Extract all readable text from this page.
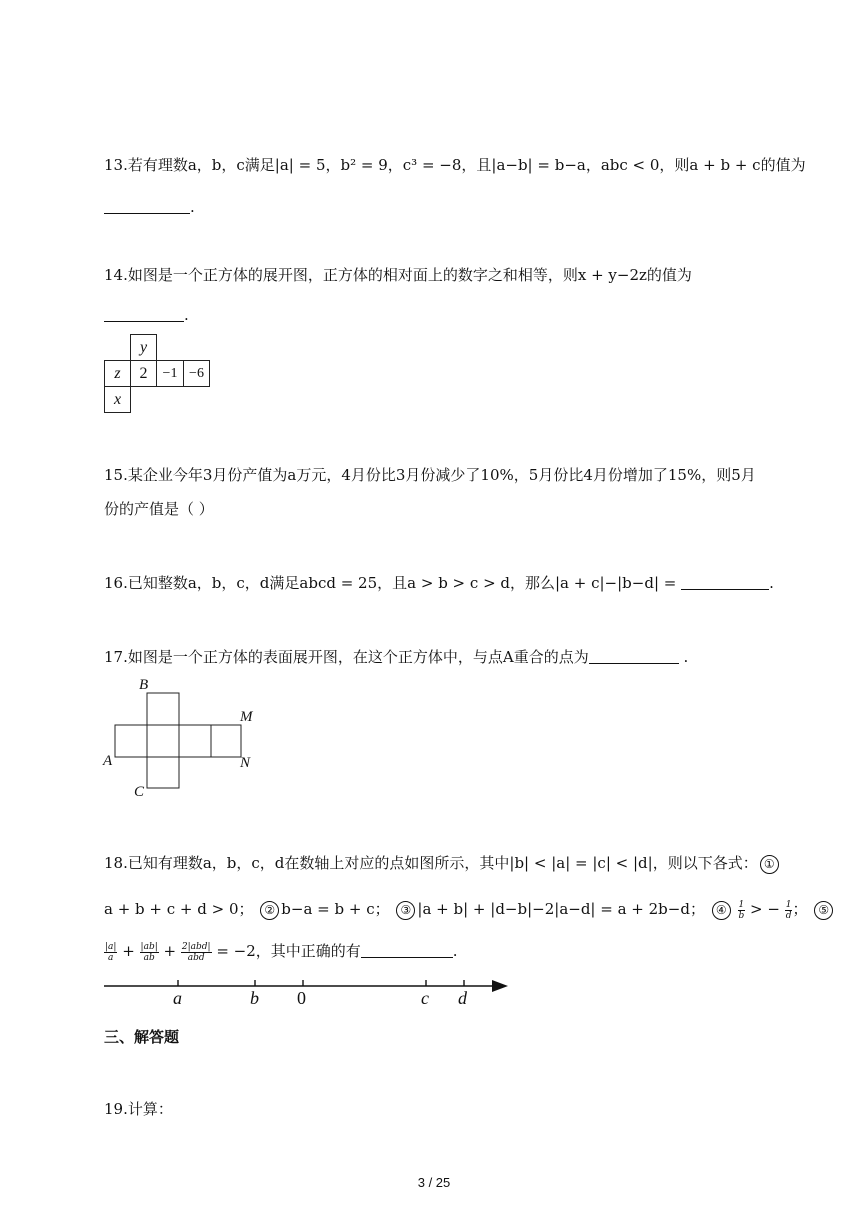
13.若有理数a，b，c满足|a| = 5，b² = 9，c³ = −8，且|a−b| = b−a，abc < 0，则a + b + c的值为
.
14.如图是一个正方体的展开图，正方体的相对面上的数字之和相等，则x + y−2z的值为
.
y
z	2	−1 −6
x
15.某企业今年3月份产值为a万元，4月份比3月份减少了10%，5月份比4月份增加了15%，则5月
份的产值是（ ）
16.已知整数a，b，c，d满足abcd = 25，且a > b > c > d，那么|a + c|−|b−d| =	.
17.如图是一个正方体的表面展开图，在这个正方体中，与点A重合的点为	.
B
M
A	N
C
18.已知有理数a，b，c，d在数轴上对应的点如图所示，其中|b| < |a| = |c| < |d|，则以下各式： ①
a + b + c + d > 0； ② b−a = b + c； ③ |a + b| + |d−b|−2|a−d| = a + 2b−d； ④ $\frac{1}{b}$ > − $\frac{1}{d}$ ； ⑤
$\frac{|a|}{a} + \frac{|ab|}{ab} + \frac{\text{2|abd|}}{\text{abd}} = -2$，其中正确的有	.
a	b 0	c d
三、解答题
19.计算：
3 / 25
